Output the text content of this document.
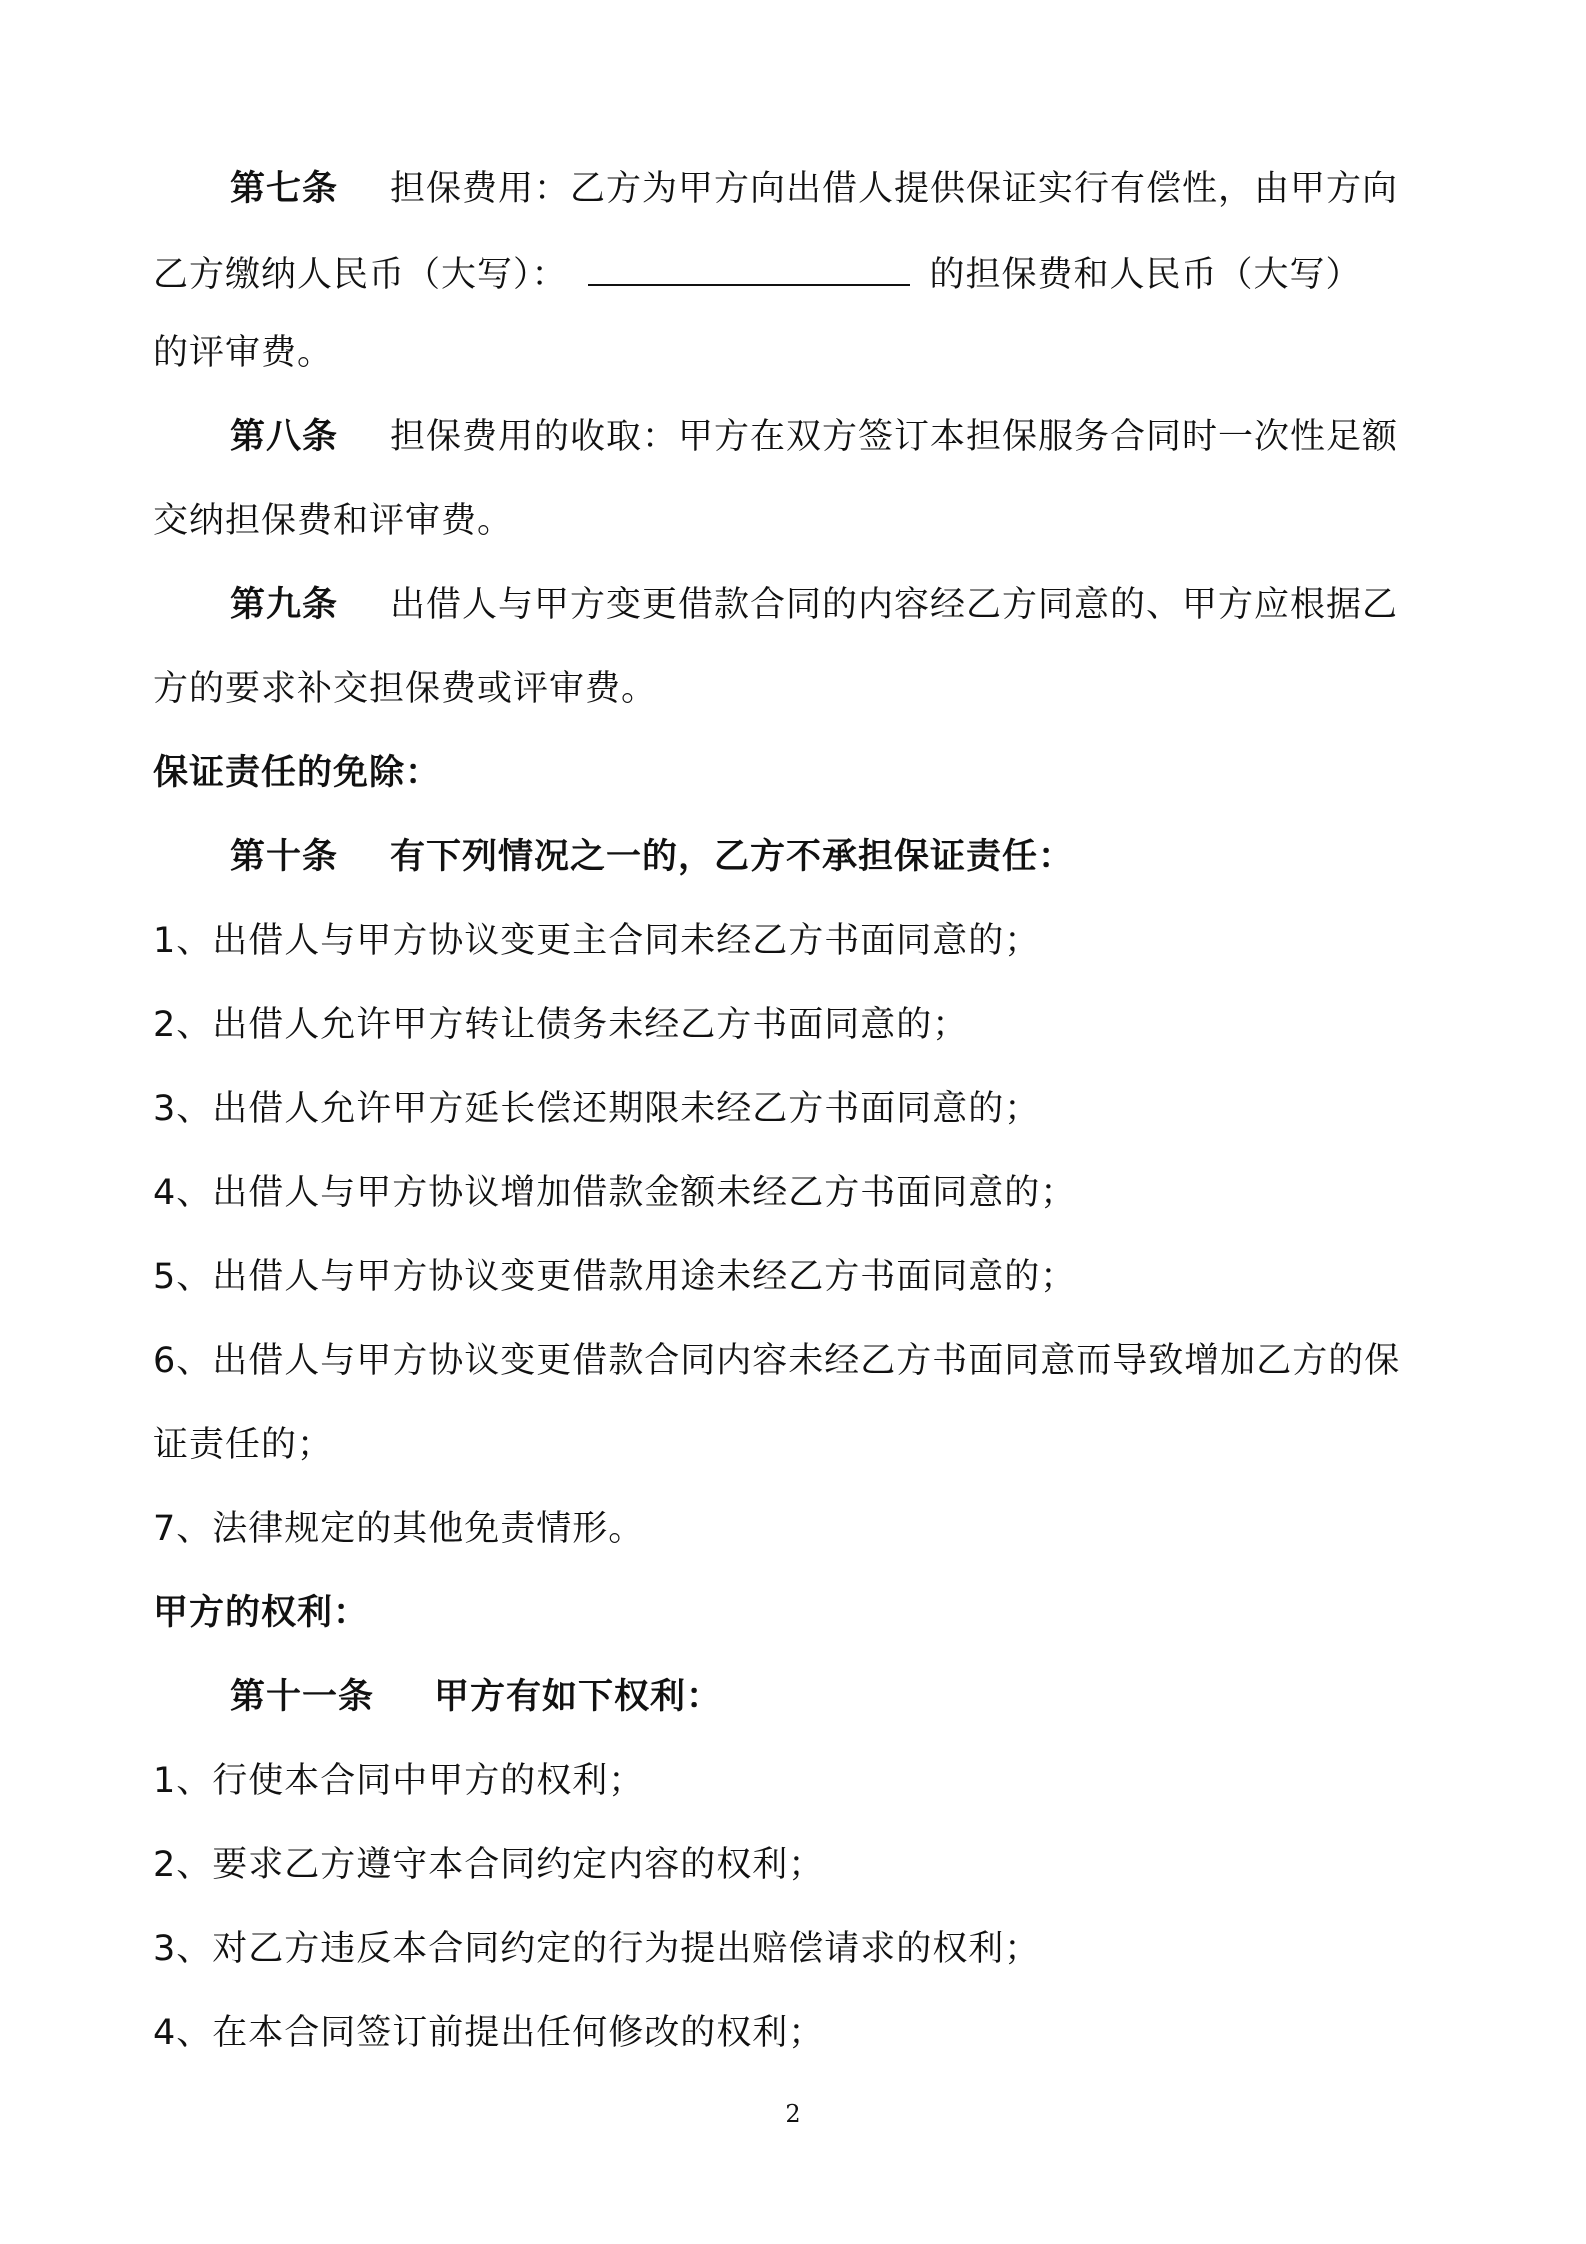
第七条 担保费用：乙方为甲方向出借人提供保证实行有偿性，由甲方向
乙方缴纳人民币（大写）：	的担保费和人民币（大写）
的评审费。
第八条 担保费用的收取：甲方在双方签订本担保服务合同时一次性足额
交纳担保费和评审费。
第九条 出借人与甲方变更借款合同的内容经乙方同意的、甲方应根据乙
方的要求补交担保费或评审费。
保证责任的免除：
第十条 有下列情况之一的，乙方不承担保证责任：
1、出借人与甲方协议变更主合同未经乙方书面同意的；
2、出借人允许甲方转让债务未经乙方书面同意的；
3、出借人允许甲方延长偿还期限未经乙方书面同意的；
4、出借人与甲方协议增加借款金额未经乙方书面同意的；
5、出借人与甲方协议变更借款用途未经乙方书面同意的；
6、出借人与甲方协议变更借款合同内容未经乙方书面同意而导致增加乙方的保
证责任的；
7、法律规定的其他免责情形。
甲方的权利：
第十一条 甲方有如下权利：
1、行使本合同中甲方的权利；
2、要求乙方遵守本合同约定内容的权利；
3、对乙方违反本合同约定的行为提出赔偿请求的权利；
4、在本合同签订前提出任何修改的权利；
2
